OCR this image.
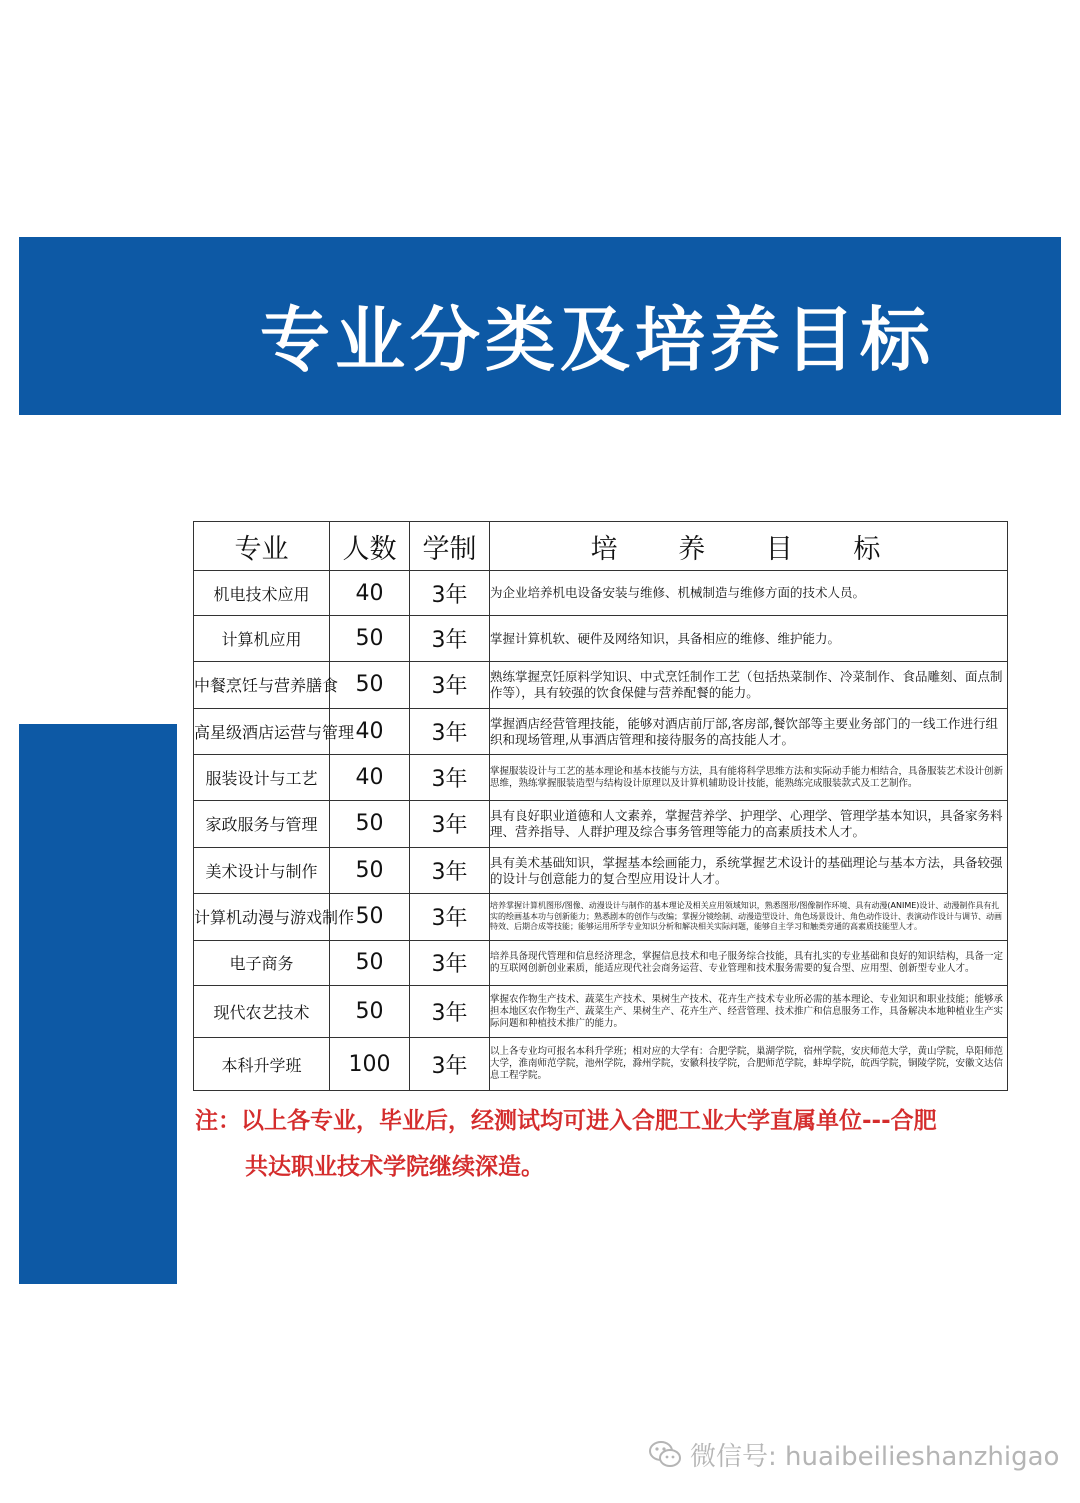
专业分类及培养目标
专业	人数	学制	培 养 目 标
机电技术应用	40	3年	为企业培养机电设备安装与维修、机械制造与维修方面的技术人员。
计算机应用	50	3年	掌握计算机软、硬件及网络知识，具备相应的维修、维护能力。
中餐烹饪与营养膳食	50	3年	熟练掌握烹饪原料学知识、中式烹饪制作工艺（包括热菜制作、冷菜制作、食品雕刻、面点制作等），具有较强的饮食保健与营养配餐的能力。
高星级酒店运营与管理	40	3年	掌握酒店经营管理技能，能够对酒店前厅部,客房部,餐饮部等主要业务部门的一线工作进行组织和现场管理,从事酒店管理和接待服务的高技能人才。
服装设计与工艺	40	3年	掌握服装设计与工艺的基本理论和基本技能与方法，具有能将科学思维方法和实际动手能力相结合，具备服装艺术设计创新思维，熟练掌握服装造型与结构设计原理以及计算机辅助设计技能，能熟练完成服装款式及工艺制作。
家政服务与管理	50	3年	具有良好职业道德和人文素养，掌握营养学、护理学、心理学、管理学基本知识，具备家务料理、营养指导、人群护理及综合事务管理等能力的高素质技术人才。
美术设计与制作	50	3年	具有美术基础知识，掌握基本绘画能力，系统掌握艺术设计的基础理论与基本方法，具备较强的设计与创意能力的复合型应用设计人才。
计算机动漫与游戏制作	50	3年	培养掌握计算机图形/图像、动漫设计与制作的基本理论及相关应用领域知识，熟悉图形/图像制作环境、具有动漫(ANIME)设计、动漫制作具有扎实的绘画基本功与创新能力；熟悉剧本的创作与改编；掌握分镜绘制、动漫造型设计、角色场景设计、角色动作设计、表演动作设计与调节、动画特效、后期合成等技能；能够运用所学专业知识分析和解决相关实际问题，能够自主学习和触类旁通的高素质技能型人才。
电子商务	50	3年	培养具备现代管理和信息经济理念，掌握信息技术和电子服务综合技能，具有扎实的专业基础和良好的知识结构，具备一定的互联网创新创业素质，能适应现代社会商务运营、专业管理和技术服务需要的复合型、应用型、创新型专业人才。
现代农艺技术	50	3年	掌握农作物生产技术、蔬菜生产技术、果树生产技术、花卉生产技术专业所必需的基本理论、专业知识和职业技能；能够承担本地区农作物生产、蔬菜生产、果树生产、花卉生产、经营管理、技术推广和信息服务工作，具备解决本地种植业生产实际问题和种植技术推广的能力。
本科升学班	100	3年	以上各专业均可报名本科升学班；相对应的大学有：合肥学院，巢湖学院，宿州学院，安庆师范大学，黄山学院，阜阳师范大学，淮南师范学院，池州学院，滁州学院，安徽科技学院，合肥师范学院，蚌埠学院，皖西学院，铜陵学院，安徽文达信息工程学院。

注：以上各专业，毕业后，经测试均可进入合肥工业大学直属单位---合肥
共达职业技术学院继续深造。

微信号: huaibeilieshanzhigao
